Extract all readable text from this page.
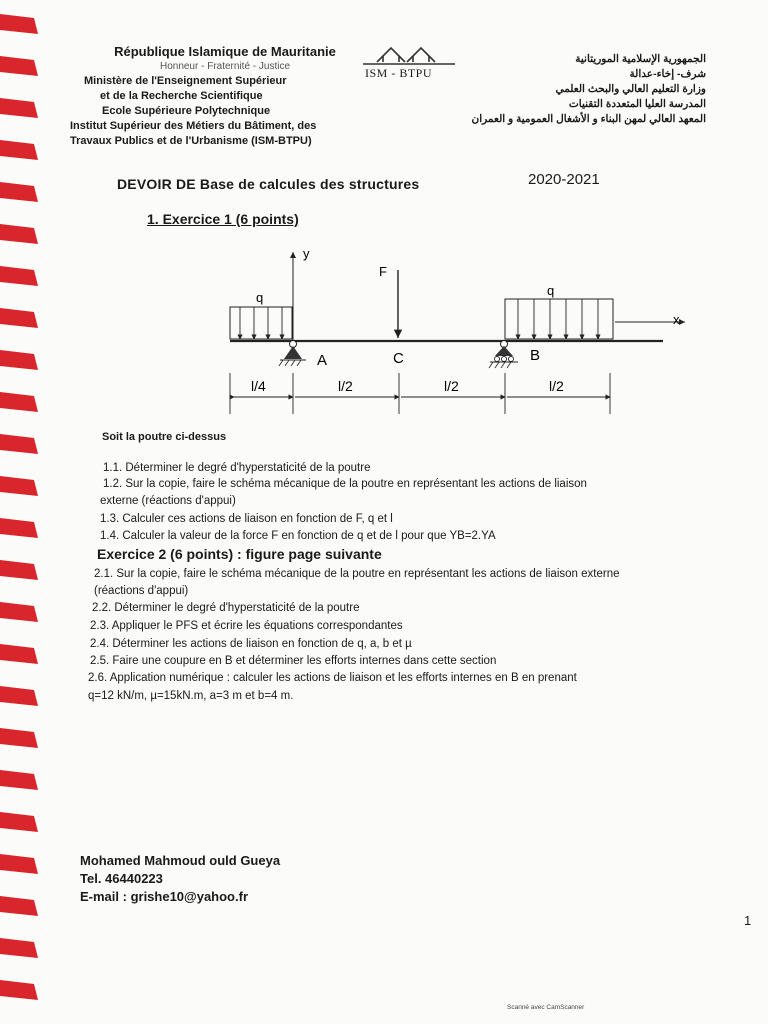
République Islamique de Mauritanie
Honneur - Fraternité - Justice
Ministère de l'Enseignement Supérieur
et de la Recherche Scientifique
Ecole Supérieure Polytechnique
Institut Supérieur des Métiers du Bâtiment, des
Travaux Publics et de l'Urbanisme (ISM-BTPU)
ISM - BTPU
الجمهورية الإسلامية الموريتانية
شرف- إخاء-عدالة
وزارة التعليم العالي والبحث العلمي
المدرسة العليا المتعددة التقنيات
المعهد العالي لمهن البناء و الأشغال العمومية و العمران
DEVOIR DE Base de calcules des structures	2020-2021
1. Exercice 1 (6 points)
y
x
q	q
F
A	C	B
l/4	l/2	l/2	l/2
Soit la poutre ci-dessus
1.1. Déterminer le degré d'hyperstaticité de la poutre
1.2. Sur la copie, faire le schéma mécanique de la poutre en représentant les actions de liaison
externe (réactions d'appui)
1.3. Calculer ces actions de liaison en fonction de F, q et l
1.4. Calculer la valeur de la force F en fonction de q et de l pour que YB=2.YA
Exercice 2 (6 points) : figure page suivante
2.1. Sur la copie, faire le schéma mécanique de la poutre en représentant les actions de liaison externe
(réactions d'appui)
2.2. Déterminer le degré d'hyperstaticité de la poutre
2.3. Appliquer le PFS et écrire les équations correspondantes
2.4. Déterminer les actions de liaison en fonction de q, a, b et µ
2.5. Faire une coupure en B et déterminer les efforts internes dans cette section
2.6. Application numérique : calculer les actions de liaison et les efforts internes en B en prenant
q=12 kN/m, µ=15kN.m, a=3 m et b=4 m.
Mohamed Mahmoud ould Gueya
Tel. 46440223
E-mail : grishe10@yahoo.fr
1
Scanné avec CamScanner
